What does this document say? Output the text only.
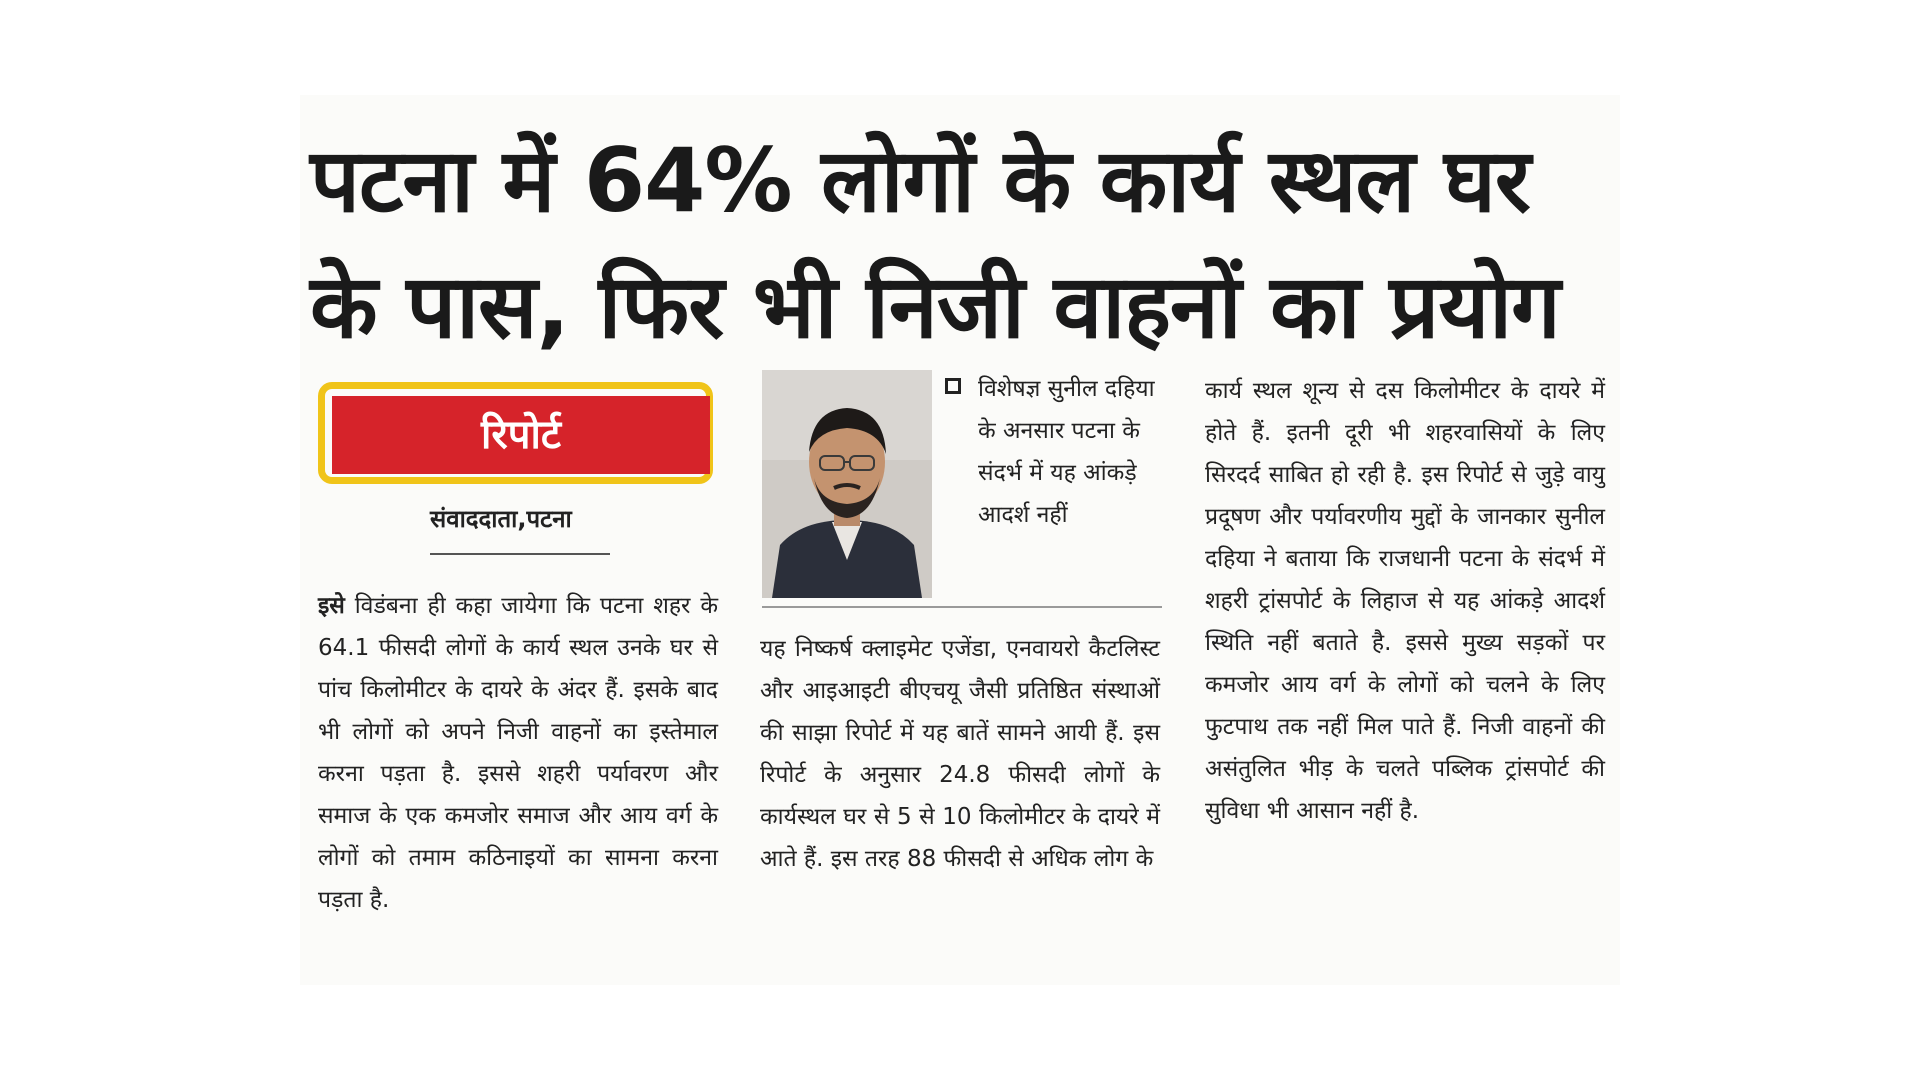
पटना में 64% लोगों के कार्य स्थल घर
के पास, फिर भी निजी वाहनों का प्रयोग
रिपोर्ट
संवाददाता,पटना
इसे विडंबना ही कहा जायेगा कि पटना शहर के 64.1 फीसदी लोगों के कार्य स्थल उनके घर से पांच किलोमीटर के दायरे के अंदर हैं. इसके बाद भी लोगों को अपने निजी वाहनों का इस्तेमाल करना पड़ता है. इससे शहरी पर्यावरण और समाज के एक कमजोर समाज और आय वर्ग के लोगों को तमाम कठिनाइयों का सामना करना पड़ता है.
विशेषज्ञ सुनील दहिया के अनसार पटना के संदर्भ में यह आंकड़े आदर्श नहीं
यह निष्कर्ष क्लाइमेट एजेंडा, एनवायरो कैटलिस्ट और आइआइटी बीएचयू जैसी प्रतिष्ठित संस्थाओं की साझा रिपोर्ट में यह बातें सामने आयी हैं. इस रिपोर्ट के अनुसार 24.8 फीसदी लोगों के कार्यस्थल घर से 5 से 10 किलोमीटर के दायरे में आते हैं. इस तरह 88 फीसदी से अधिक लोग के
कार्य स्थल शून्य से दस किलोमीटर के दायरे में होते हैं. इतनी दूरी भी शहरवासियों के लिए सिरदर्द साबित हो रही है. इस रिपोर्ट से जुड़े वायु प्रदूषण और पर्यावरणीय मुद्दों के जानकार सुनील दहिया ने बताया कि राजधानी पटना के संदर्भ में शहरी ट्रांसपोर्ट के लिहाज से यह आंकड़े आदर्श स्थिति नहीं बताते है. इससे मुख्य सड़कों पर कमजोर आय वर्ग के लोगों को चलने के लिए फुटपाथ तक नहीं मिल पाते हैं. निजी वाहनों की असंतुलित भीड़ के चलते पब्लिक ट्रांसपोर्ट की सुविधा भी आसान नहीं है.
